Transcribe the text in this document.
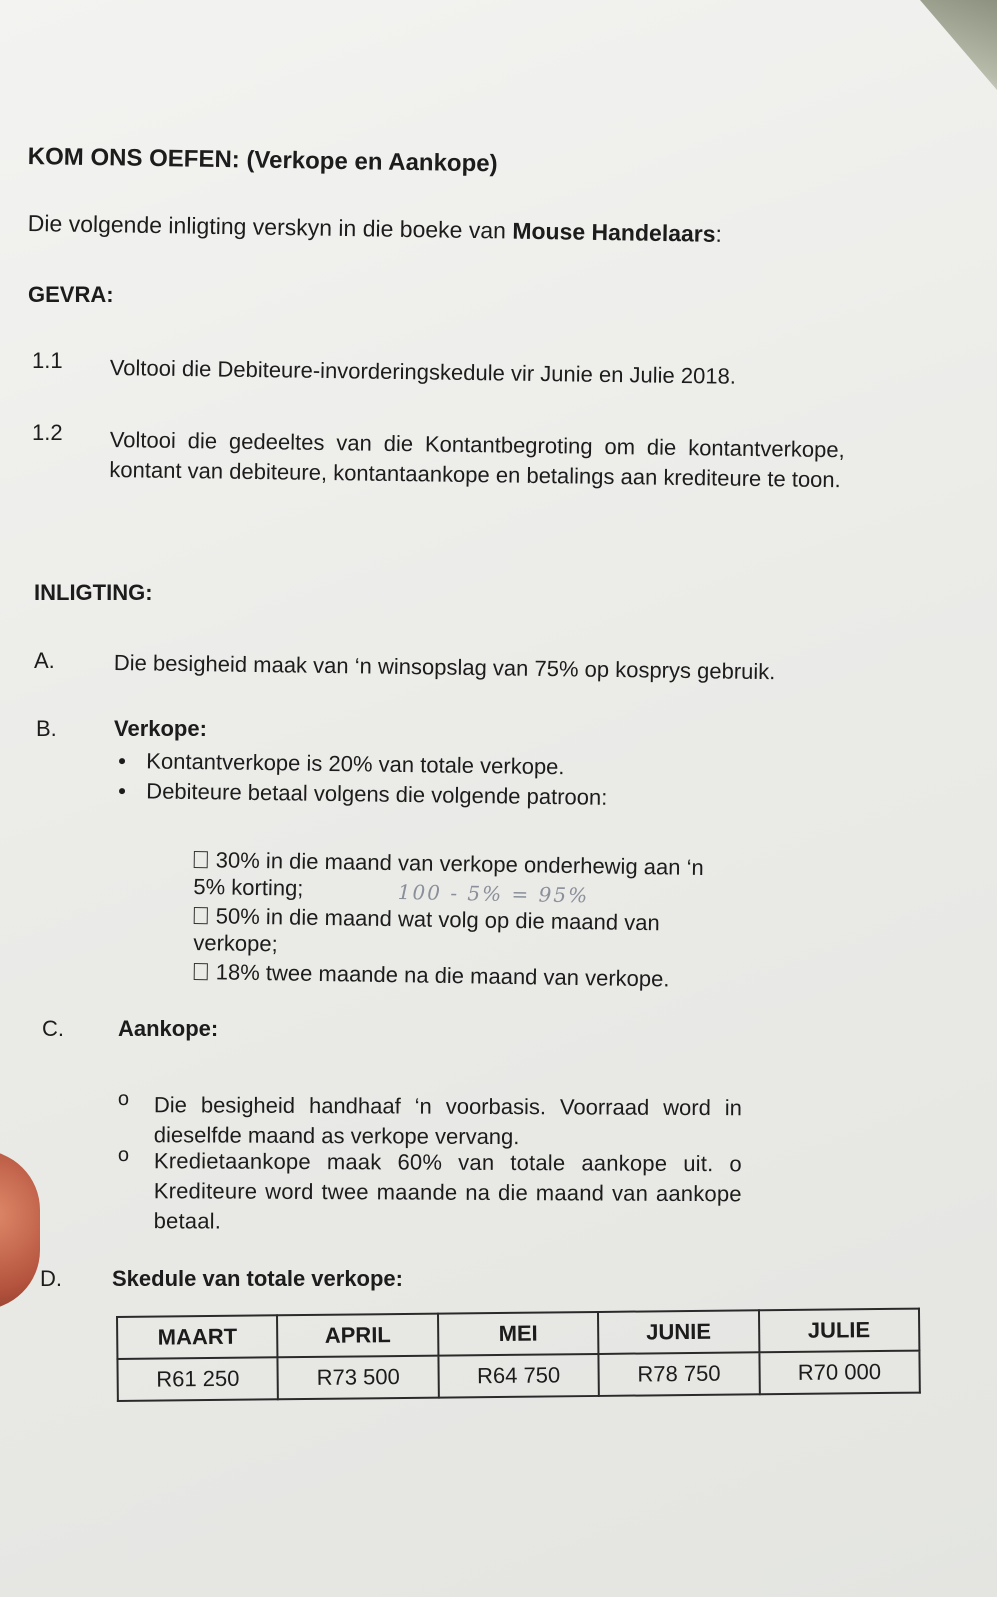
KOM ONS OEFEN: (Verkope en Aankope)
Die volgende inligting verskyn in die boeke van Mouse Handelaars:
GEVRA:
1.1 Voltooi die Debiteure-invorderingskedule vir Junie en Julie 2018.
1.2 Voltooi die gedeeltes van die Kontantbegroting om die kontantverkope, kontant van debiteure, kontantaankope en betalings aan krediteure te toon.
INLIGTING:
A.	Die besigheid maak van ‘n winsopslag van 75% op kosprys gebruik.
B.	Verkope:
● Kontantverkope is 20% van totale verkope.
● Debiteure betaal volgens die volgende patroon:
30% in die maand van verkope onderhewig aan ‘n 5% korting;	100 - 5% = 95%
50% in die maand wat volg op die maand van verkope;
18% twee maande na die maand van verkope.
C. Aankope:
o Die besigheid handhaaf ‘n voorbasis. Voorraad word in dieselfde maand as verkope vervang.
o Kredietaankope maak 60% van totale aankope uit. o Krediteure word twee maande na die maand van aankope betaal.
D. Skedule van totale verkope:
MAART	APRIL	MEI	JUNIE	JULIE
R61 250	R73 500	R64 750	R78 750	R70 000
